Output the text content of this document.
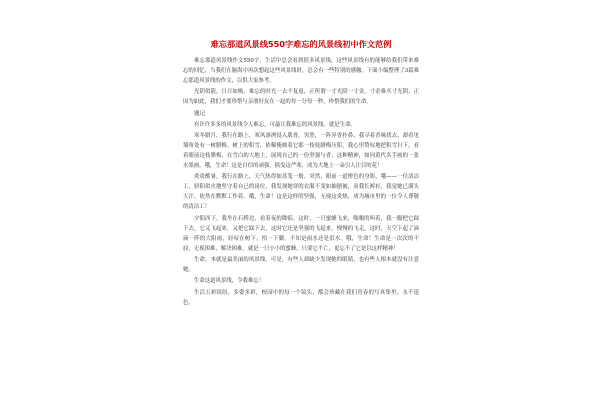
难忘那道风景线550字难忘的风景线初中作文范例
难忘那道风景线作文550字，生活中总会看到很多风景线，这些风景线有的能够给我们带来难忘的回忆，当我们在脑海中再次想起这些风景线时，总会有一些特别的感触。下面小编整理了3篇难忘那道风景线的作文，以供大家参考。
光阴似箭，日月如梭，难忘的时光一去不复返，正所谓一寸光阴一寸金，寸金难买寸光阴。正因为如此，我们才要珍惜与亲朋好友在一起的每一分每一秒，珍惜我们的生命。
题记
有许许多多的风景线令人难忘，可最让我难忘的风景线，就是生命。
寒冬腊月，我行在路上，寒风凛冽侵入肌骨。突然，一阵异香扑鼻，我寻着香味找去，却看见墙角处有一树腊梅。树上的积雪，依稀掩映着它那一枝枝腊梅压积，我心里赞叹地把积雪扫下，看着眼前这枝腊梅，在雪白的大地上，展现自己的一份坚强与香，这种精神，如同黄代名手画的一张水墨画。哦，生命！这是自信的顽强，摇曳这严寒，成为大地上一朵引人注目的花！
炎炎酷暑，我行在路上，天气热得如蒸笼一般。突然，眼前一道橙色的身影，哦——一位清洁工，骄阳似火地坚守着自己的岗位，我发现她穿的衣服不变如抽刨被，而我长裤衫，我觉她已满头大汗，依然在默默工作着。哦，生命！这是这样的坚强，无视这炎热，成为城市里的一位令人尊敬的清洁工！
夕阳西下，我坐在石桥边，看着夜的降临。这时，一只蜜蜂飞来，嗡嗡的叫着，我一脚把它踩下去，它又飞起来，又把它踩下去，这时它还是坚强的飞起来，慢慢的飞走，这时，天空下起了滴滴一阵的大阳雨，轻叹在树下，拾一下脚，不知是雨水还是泪水。哦，生命！生命是一次次的不屈，无视困难，解决困难，就是一只小小的蜜蜂，只要它不亡，更忘不了它是以这样精神！
生命，本就是最美丽的风景线，可是，有些人却缺少发现她的眼睛，也有些人根本就没有注意她。
生命这道风景线，令我难忘！
生活五彩缤纷，多姿多彩，校园中的每一个镜头，都会珍藏在我们青春的写真集里，永不退色。
